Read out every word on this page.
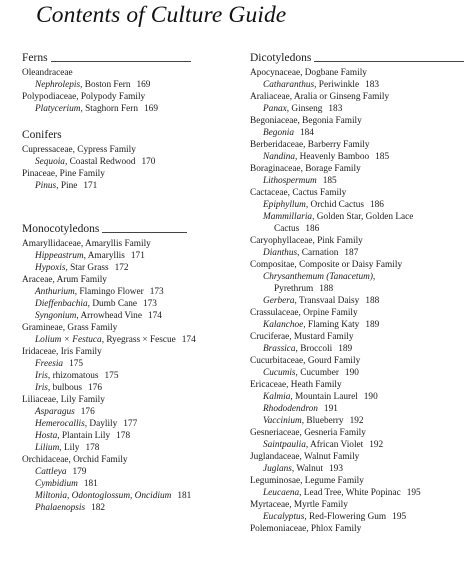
Contents of Culture Guide
Ferns
Oleandraceae
Nephrolepis, Boston Fern 169
Polypodiaceae, Polypody Family
Platycerium, Staghorn Fern 169
Conifers
Cupressaceae, Cypress Family
Sequoia, Coastal Redwood 170
Pinaceae, Pine Family
Pinus, Pine 171
Monocotyledons
Amaryllidaceae, Amaryllis Family
Hippeastrum, Amaryllis 171
Hypoxis, Star Grass 172
Araceae, Arum Family
Anthurium, Flamingo Flower 173
Dieffenbachia, Dumb Cane 173
Syngonium, Arrowhead Vine 174
Gramineae, Grass Family
Lolium × Festuca, Ryegrass × Fescue 174
Iridaceae, Iris Family
Freesia 175
Iris, rhizomatous 175
Iris, bulbous 176
Liliaceae, Lily Family
Asparagus 176
Hemerocallis, Daylily 177
Hosta, Plantain Lily 178
Lilium, Lily 178
Orchidaceae, Orchid Family
Cattleya 179
Cymbidium 181
Miltonia, Odontoglossum, Oncidium 181
Phalaenopsis 182
Dicotyledons
Apocynaceae, Dogbane Family
Catharanthus, Periwinkle 183
Araliaceae, Aralia or Ginseng Family
Panax, Ginseng 183
Begoniaceae, Begonia Family
Begonia 184
Berberidaceae, Barberry Family
Nandina, Heavenly Bamboo 185
Boraginaceae, Borage Family
Lithospermum 185
Cactaceae, Cactus Family
Epiphyllum, Orchid Cactus 186
Mammillaria, Golden Star, Golden Lace
Cactus 186
Caryophyllaceae, Pink Family
Dianthus, Carnation 187
Compositae, Composite or Daisy Family
Chrysanthemum (Tanacetum),
Pyrethrum 188
Gerbera, Transvaal Daisy 188
Crassulaceae, Orpine Family
Kalanchoe, Flaming Katy 189
Cruciferae, Mustard Family
Brassica, Broccoli 189
Cucurbitaceae, Gourd Family
Cucumis, Cucumber 190
Ericaceae, Heath Family
Kalmia, Mountain Laurel 190
Rhododendron 191
Vaccinium, Blueberry 192
Gesneriaceae, Gesneria Family
Saintpaulia, African Violet 192
Juglandaceae, Walnut Family
Juglans, Walnut 193
Leguminosae, Legume Family
Leucaena, Lead Tree, White Popinac 195
Myrtaceae, Myrtle Family
Eucalyptus, Red-Flowering Gum 195
Polemoniaceae, Phlox Family
